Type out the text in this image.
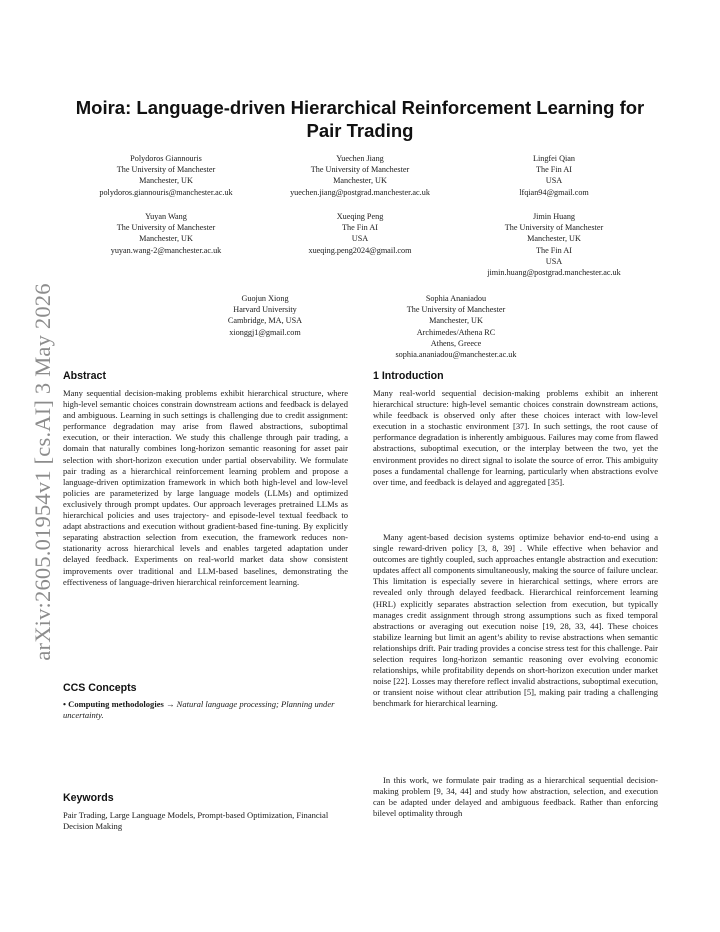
arXiv:2605.01954v1 [cs.AI] 3 May 2026
Moira: Language-driven Hierarchical Reinforcement Learning for Pair Trading
Polydoros Giannouris
The University of Manchester
Manchester, UK
polydoros.giannouris@manchester.ac.uk
Yuechen Jiang
The University of Manchester
Manchester, UK
yuechen.jiang@postgrad.manchester.ac.uk
Lingfei Qian
The Fin AI
USA
lfqian94@gmail.com
Yuyan Wang
The University of Manchester
Manchester, UK
yuyan.wang-2@manchester.ac.uk
Xueqing Peng
The Fin AI
USA
xueqing.peng2024@gmail.com
Jimin Huang
The University of Manchester
Manchester, UK
The Fin AI
USA
jimin.huang@postgrad.manchester.ac.uk
Guojun Xiong
Harvard University
Cambridge, MA, USA
xionggj1@gmail.com
Sophia Ananiadou
The University of Manchester
Manchester, UK
Archimedes/Athena RC
Athens, Greece
sophia.ananiadou@manchester.ac.uk
Abstract

Many sequential decision-making problems exhibit hierarchical structure, where high-level semantic choices constrain downstream actions and feedback is delayed and ambiguous. Learning in such settings is challenging due to credit assignment: performance degradation may arise from flawed abstractions, suboptimal execution, or their interaction. We study this challenge through pair trading, a domain that naturally combines long-horizon semantic reasoning for asset pair selection with short-horizon execution under partial observability. We formulate pair trading as a hierarchical reinforcement learning problem and propose a language-driven optimization framework in which both high-level and low-level policies are parameterized by large language models (LLMs) and optimized exclusively through prompt updates. Our approach leverages pretrained LLMs as hierarchical policies and uses trajectory- and episode-level textual feedback to adapt abstractions and execution without gradient-based fine-tuning. By explicitly separating abstraction selection from execution, the framework reduces non-stationarity across hierarchical levels and enables targeted adaptation under delayed feedback. Experiments on real-world market data show consistent improvements over traditional and LLM-based baselines, demonstrating the effectiveness of language-driven hierarchical reinforcement learning.

CCS Concepts

• Computing methodologies → Natural language processing; Planning under uncertainty.

Keywords

Pair Trading, Large Language Models, Prompt-based Optimization, Financial Decision Making

1 Introduction

Many real-world sequential decision-making problems exhibit an inherent hierarchical structure: high-level semantic choices constrain downstream actions, while feedback is observed only after these choices interact with low-level execution in a stochastic environment [37]. In such settings, the root cause of performance degradation is inherently ambiguous. Failures may come from flawed abstractions, suboptimal execution, or the interplay between the two, yet the environment provides no direct signal to isolate the source of error. This ambiguity poses a fundamental challenge for learning, particularly when abstractions evolve over time, and feedback is delayed and aggregated [35].

Many agent-based decision systems optimize behavior end-to-end using a single reward-driven policy [3, 8, 39] . While effective when behavior and outcomes are tightly coupled, such approaches entangle abstraction and execution: updates affect all components simultaneously, making the source of failure unclear. This limitation is especially severe in hierarchical settings, where errors are revealed only through delayed feedback. Hierarchical reinforcement learning (HRL) explicitly separates abstraction selection from execution, but typically manages credit assignment through strong assumptions such as fixed temporal abstractions or averaging out execution noise [19, 28, 33, 44]. These choices stabilize learning but limit an agent’s ability to revise abstractions when semantic relationships drift. Pair trading provides a concise stress test for this challenge. Pair selection requires long-horizon semantic reasoning over evolving economic relationships, while profitability depends on short-horizon execution under market noise [22]. Losses may therefore reflect invalid abstractions, suboptimal execution, or transient noise without clear attribution [5], making pair trading a challenging benchmark for hierarchical learning.

In this work, we formulate pair trading as a hierarchical sequential decision-making problem [9, 34, 44] and study how abstraction, selection, and execution can be adapted under delayed and ambiguous feedback. Rather than enforcing bilevel optimality through
